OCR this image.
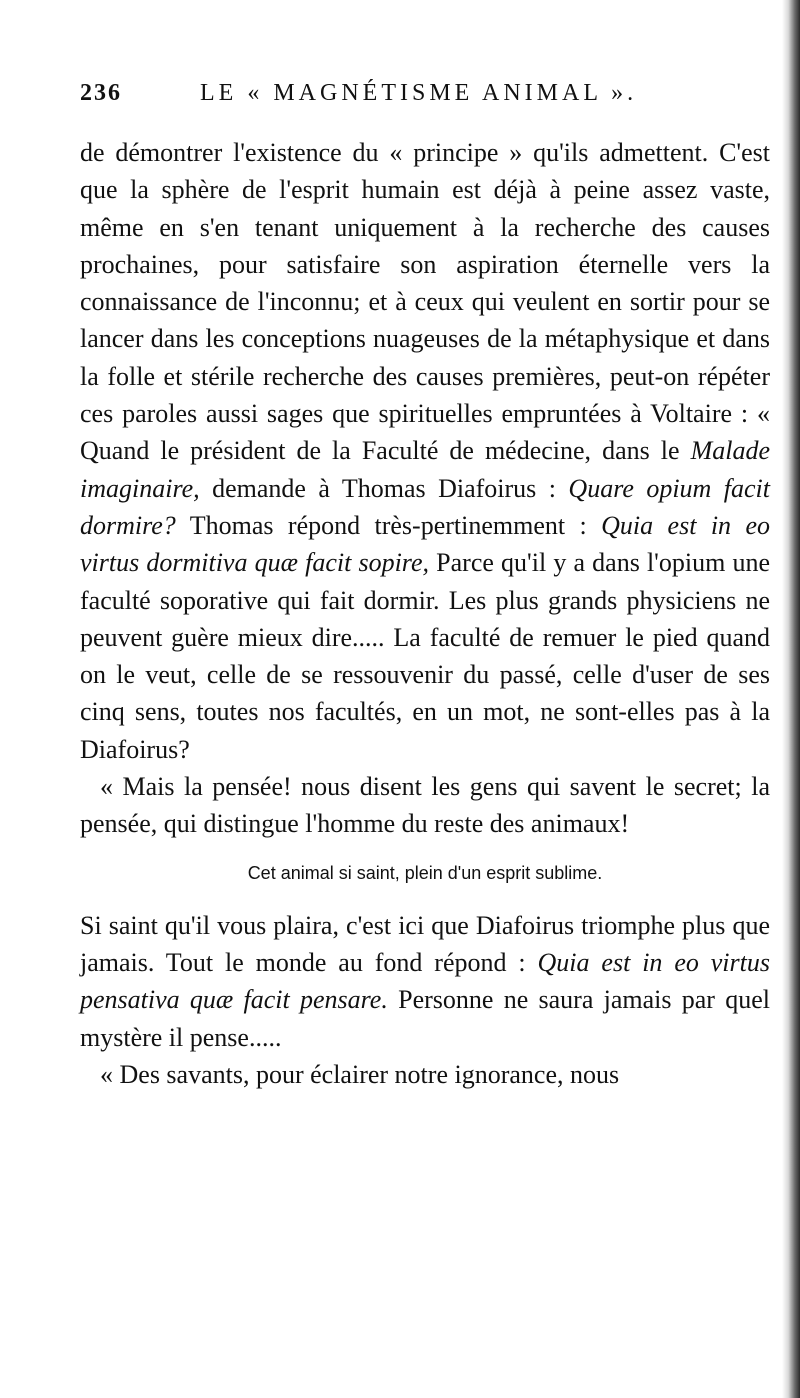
236	LE « MAGNÉTISME ANIMAL ».

de démontrer l'existence du « principe » qu'ils admettent. C'est que la sphère de l'esprit humain est déjà à peine assez vaste, même en s'en tenant uniquement à la recherche des causes prochaines, pour satisfaire son aspiration éternelle vers la connaissance de l'inconnu; et à ceux qui veulent en sortir pour se lancer dans les conceptions nuageuses de la métaphysique et dans la folle et stérile recherche des causes premières, peut-on répéter ces paroles aussi sages que spirituelles empruntées à Voltaire : « Quand le président de la Faculté de médecine, dans le Malade imaginaire, demande à Thomas Diafoirus : Quare opium facit dormire? Thomas répond très-pertinemment : Quia est in eo virtus dormitiva quæ facit sopire, Parce qu'il y a dans l'opium une faculté soporative qui fait dormir. Les plus grands physiciens ne peuvent guère mieux dire..... La faculté de remuer le pied quand on le veut, celle de se ressouvenir du passé, celle d'user de ses cinq sens, toutes nos facultés, en un mot, ne sont-elles pas à la Diafoirus?

« Mais la pensée! nous disent les gens qui savent le secret; la pensée, qui distingue l'homme du reste des animaux!

Cet animal si saint, plein d'un esprit sublime.

Si saint qu'il vous plaira, c'est ici que Diafoirus triomphe plus que jamais. Tout le monde au fond répond : Quia est in eo virtus pensativa quæ facit pensare. Personne ne saura jamais par quel mystère il pense.....

« Des savants, pour éclairer notre ignorance, nous
